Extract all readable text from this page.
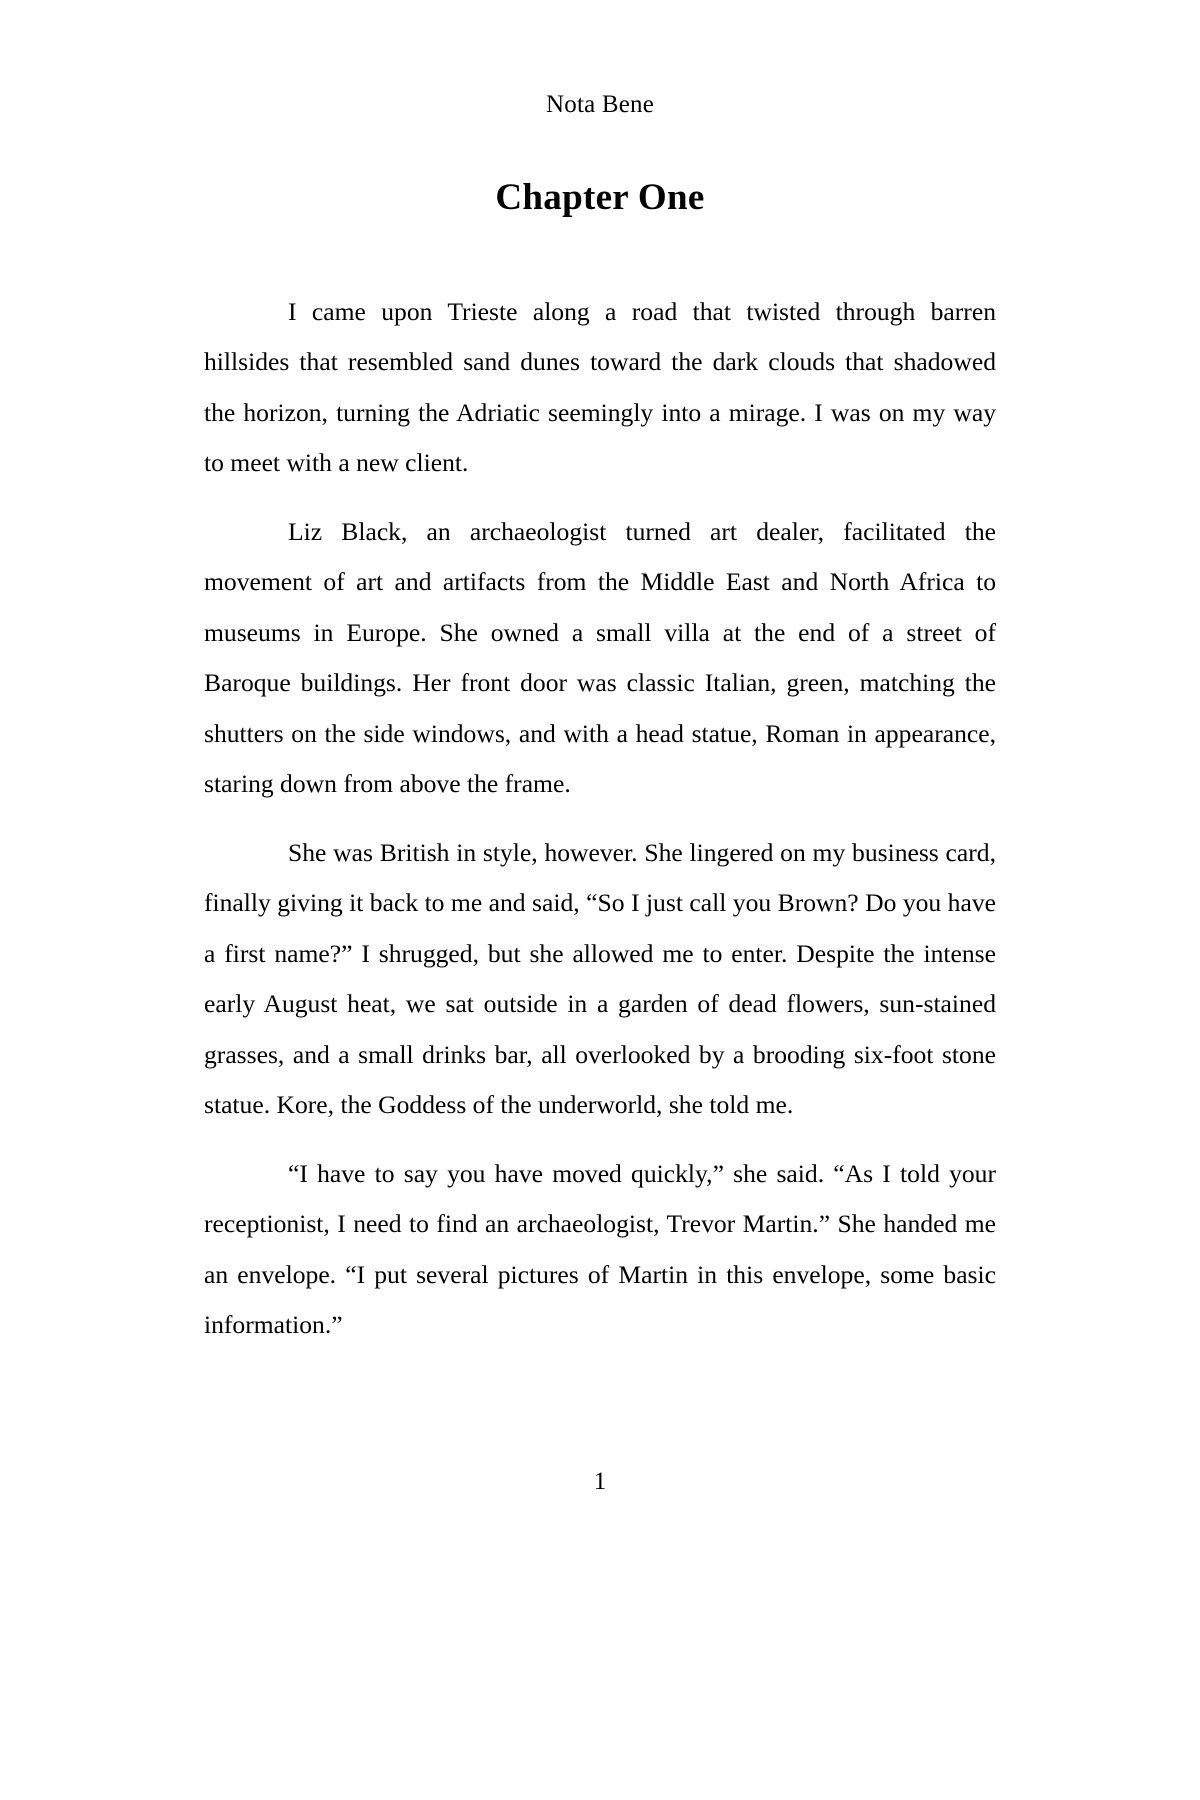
Nota Bene
Chapter One

I came upon Trieste along a road that twisted through barren hillsides that resembled sand dunes toward the dark clouds that shadowed the horizon, turning the Adriatic seemingly into a mirage. I was on my way to meet with a new client.

Liz Black, an archaeologist turned art dealer, facilitated the movement of art and artifacts from the Middle East and North Africa to museums in Europe. She owned a small villa at the end of a street of Baroque buildings. Her front door was classic Italian, green, matching the shutters on the side windows, and with a head statue, Roman in appearance, staring down from above the frame.

She was British in style, however. She lingered on my business card, finally giving it back to me and said, “So I just call you Brown? Do you have a first name?” I shrugged, but she allowed me to enter. Despite the intense early August heat, we sat outside in a garden of dead flowers, sun-stained grasses, and a small drinks bar, all overlooked by a brooding six-foot stone statue. Kore, the Goddess of the underworld, she told me.

“I have to say you have moved quickly,” she said. “As I told your receptionist, I need to find an archaeologist, Trevor Martin.” She handed me an envelope. “I put several pictures of Martin in this envelope, some basic information.”

1
